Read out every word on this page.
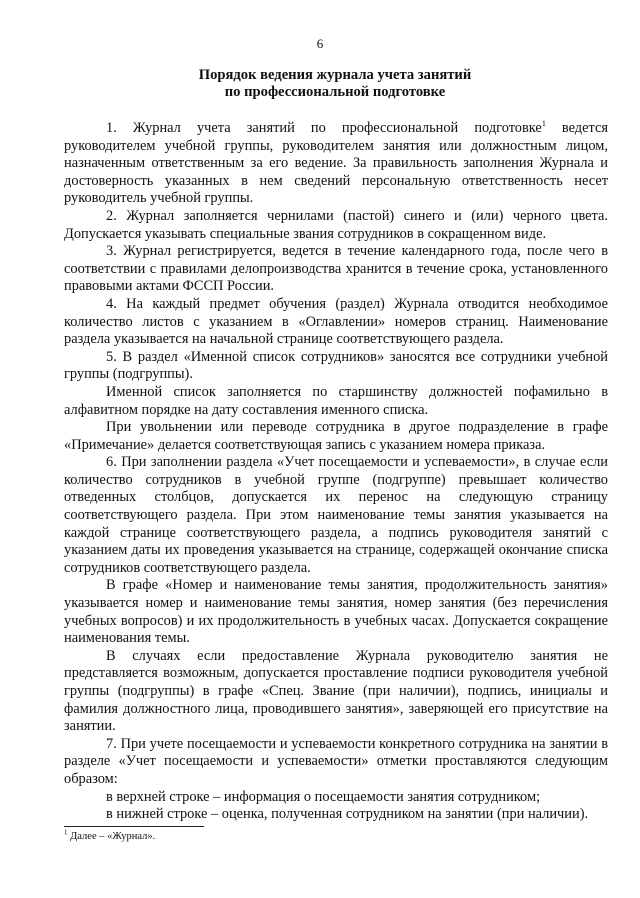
6
Порядок ведения журнала учета занятий
по профессиональной подготовке

1. Журнал учета занятий по профессиональной подготовке$^1$ ведется руководителем учебной группы, руководителем занятия или должностным лицом, назначенным ответственным за его ведение. За правильность заполнения Журнала и достоверность указанных в нем сведений персональную ответственность несет руководитель учебной группы.

2. Журнал заполняется чернилами (пастой) синего и (или) черного цвета. Допускается указывать специальные звания сотрудников в сокращенном виде.

3. Журнал регистрируется, ведется в течение календарного года, после чего в соответствии с правилами делопроизводства хранится в течение срока, установленного правовыми актами ФССП России.

4. На каждый предмет обучения (раздел) Журнала отводится необходимое количество листов с указанием в «Оглавлении» номеров страниц. Наименование раздела указывается на начальной странице соответствующего раздела.

5. В раздел «Именной список сотрудников» заносятся все сотрудники учебной группы (подгруппы).

Именной список заполняется по старшинству должностей пофамильно в алфавитном порядке на дату составления именного списка.

При увольнении или переводе сотрудника в другое подразделение в графе «Примечание» делается соответствующая запись с указанием номера приказа.

6. При заполнении раздела «Учет посещаемости и успеваемости», в случае если количество сотрудников в учебной группе (подгруппе) превышает количество отведенных столбцов, допускается их перенос на следующую страницу соответствующего раздела. При этом наименование темы занятия указывается на каждой странице соответствующего раздела, а подпись руководителя занятий с указанием даты их проведения указывается на странице, содержащей окончание списка сотрудников соответствующего раздела.

В графе «Номер и наименование темы занятия, продолжительность занятия» указывается номер и наименование темы занятия, номер занятия (без перечисления учебных вопросов) и их продолжительность в учебных часах. Допускается сокращение наименования темы.

В случаях если предоставление Журнала руководителю занятия не представляется возможным, допускается проставление подписи руководителя учебной группы (подгруппы) в графе «Спец. Звание (при наличии), подпись, инициалы и фамилия должностного лица, проводившего занятия», заверяющей его присутствие на занятии.

7. При учете посещаемости и успеваемости конкретного сотрудника на занятии в разделе «Учет посещаемости и успеваемости» отметки проставляются следующим образом:

в верхней строке – информация о посещаемости занятия сотрудником;

в нижней строке – оценка, полученная сотрудником на занятии (при наличии).

$^1$ Далее – «Журнал».
